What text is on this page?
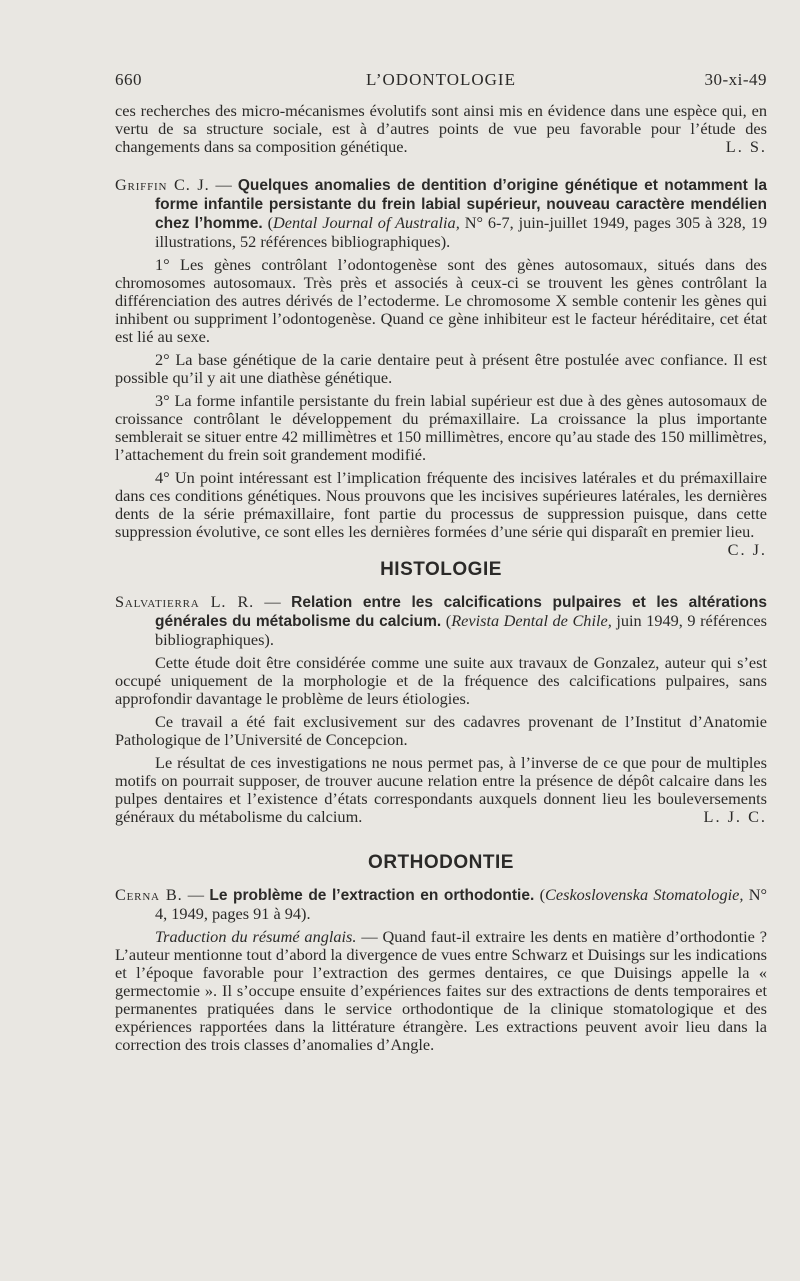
660	L’ODONTOLOGIE	30-xi-49

ces recherches des micro-mécanismes évolutifs sont ainsi mis en évidence dans une espèce qui, en vertu de sa structure sociale, est à d’autres points de vue peu favorable pour l’étude des changements dans sa composition génétique.	L. S.

Griffin C. J. — Quelques anomalies de dentition d’origine génétique et notamment la forme infantile persistante du frein labial supérieur, nouveau caractère mendélien chez l’homme. (Dental Journal of Australia, N° 6-7, juin-juillet 1949, pages 305 à 328, 19 illustrations, 52 références bibliographiques).

1° Les gènes contrôlant l’odontogenèse sont des gènes autosomaux, situés dans des chromosomes autosomaux. Très près et associés à ceux-ci se trouvent les gènes contrôlant la différenciation des autres dérivés de l’ectoderme. Le chromosome X semble contenir les gènes qui inhibent ou suppriment l’odontogenèse. Quand ce gène inhibiteur est le facteur héréditaire, cet état est lié au sexe.

2° La base génétique de la carie dentaire peut à présent être postulée avec confiance. Il est possible qu’il y ait une diathèse génétique.

3° La forme infantile persistante du frein labial supérieur est due à des gènes autosomaux de croissance contrôlant le développement du prémaxillaire. La croissance la plus importante semblerait se situer entre 42 millimètres et 150 millimètres, encore qu’au stade des 150 millimètres, l’attachement du frein soit grandement modifié.

4° Un point intéressant est l’implication fréquente des incisives latérales et du prémaxillaire dans ces conditions génétiques. Nous prouvons que les incisives supérieures latérales, les dernières dents de la série prémaxillaire, font partie du processus de suppression puisque, dans cette suppression évolutive, ce sont elles les dernières formées d’une série qui disparaît en premier lieu.
C. J.

HISTOLOGIE

Salvatierra L. R. — Relation entre les calcifications pulpaires et les altérations générales du métabolisme du calcium. (Revista Dental de Chile, juin 1949, 9 références bibliographiques).

Cette étude doit être considérée comme une suite aux travaux de Gonzalez, auteur qui s’est occupé uniquement de la morphologie et de la fréquence des calcifications pulpaires, sans approfondir davantage le problème de leurs étiologies.

Ce travail a été fait exclusivement sur des cadavres provenant de l’Institut d’Anatomie Pathologique de l’Université de Concepcion.

Le résultat de ces investigations ne nous permet pas, à l’inverse de ce que pour de multiples motifs on pourrait supposer, de trouver aucune relation entre la présence de dépôt calcaire dans les pulpes dentaires et l’existence d’états correspondants auxquels donnent lieu les bouleversements généraux du métabolisme du calcium.	L. J. C.

ORTHODONTIE

Cerna B. — Le problème de l’extraction en orthodontie. (Ceskoslovenska Stomatologie, N° 4, 1949, pages 91 à 94).

Traduction du résumé anglais. — Quand faut-il extraire les dents en matière d’orthodontie ? L’auteur mentionne tout d’abord la divergence de vues entre Schwarz et Duisings sur les indications et l’époque favorable pour l’extraction des germes dentaires, ce que Duisings appelle la « germectomie ». Il s’occupe ensuite d’expériences faites sur des extractions de dents temporaires et permanentes pratiquées dans le service orthodontique de la clinique stomatologique et des expériences rapportées dans la littérature étrangère. Les extractions peuvent avoir lieu dans la correction des trois classes d’anomalies d’Angle.
